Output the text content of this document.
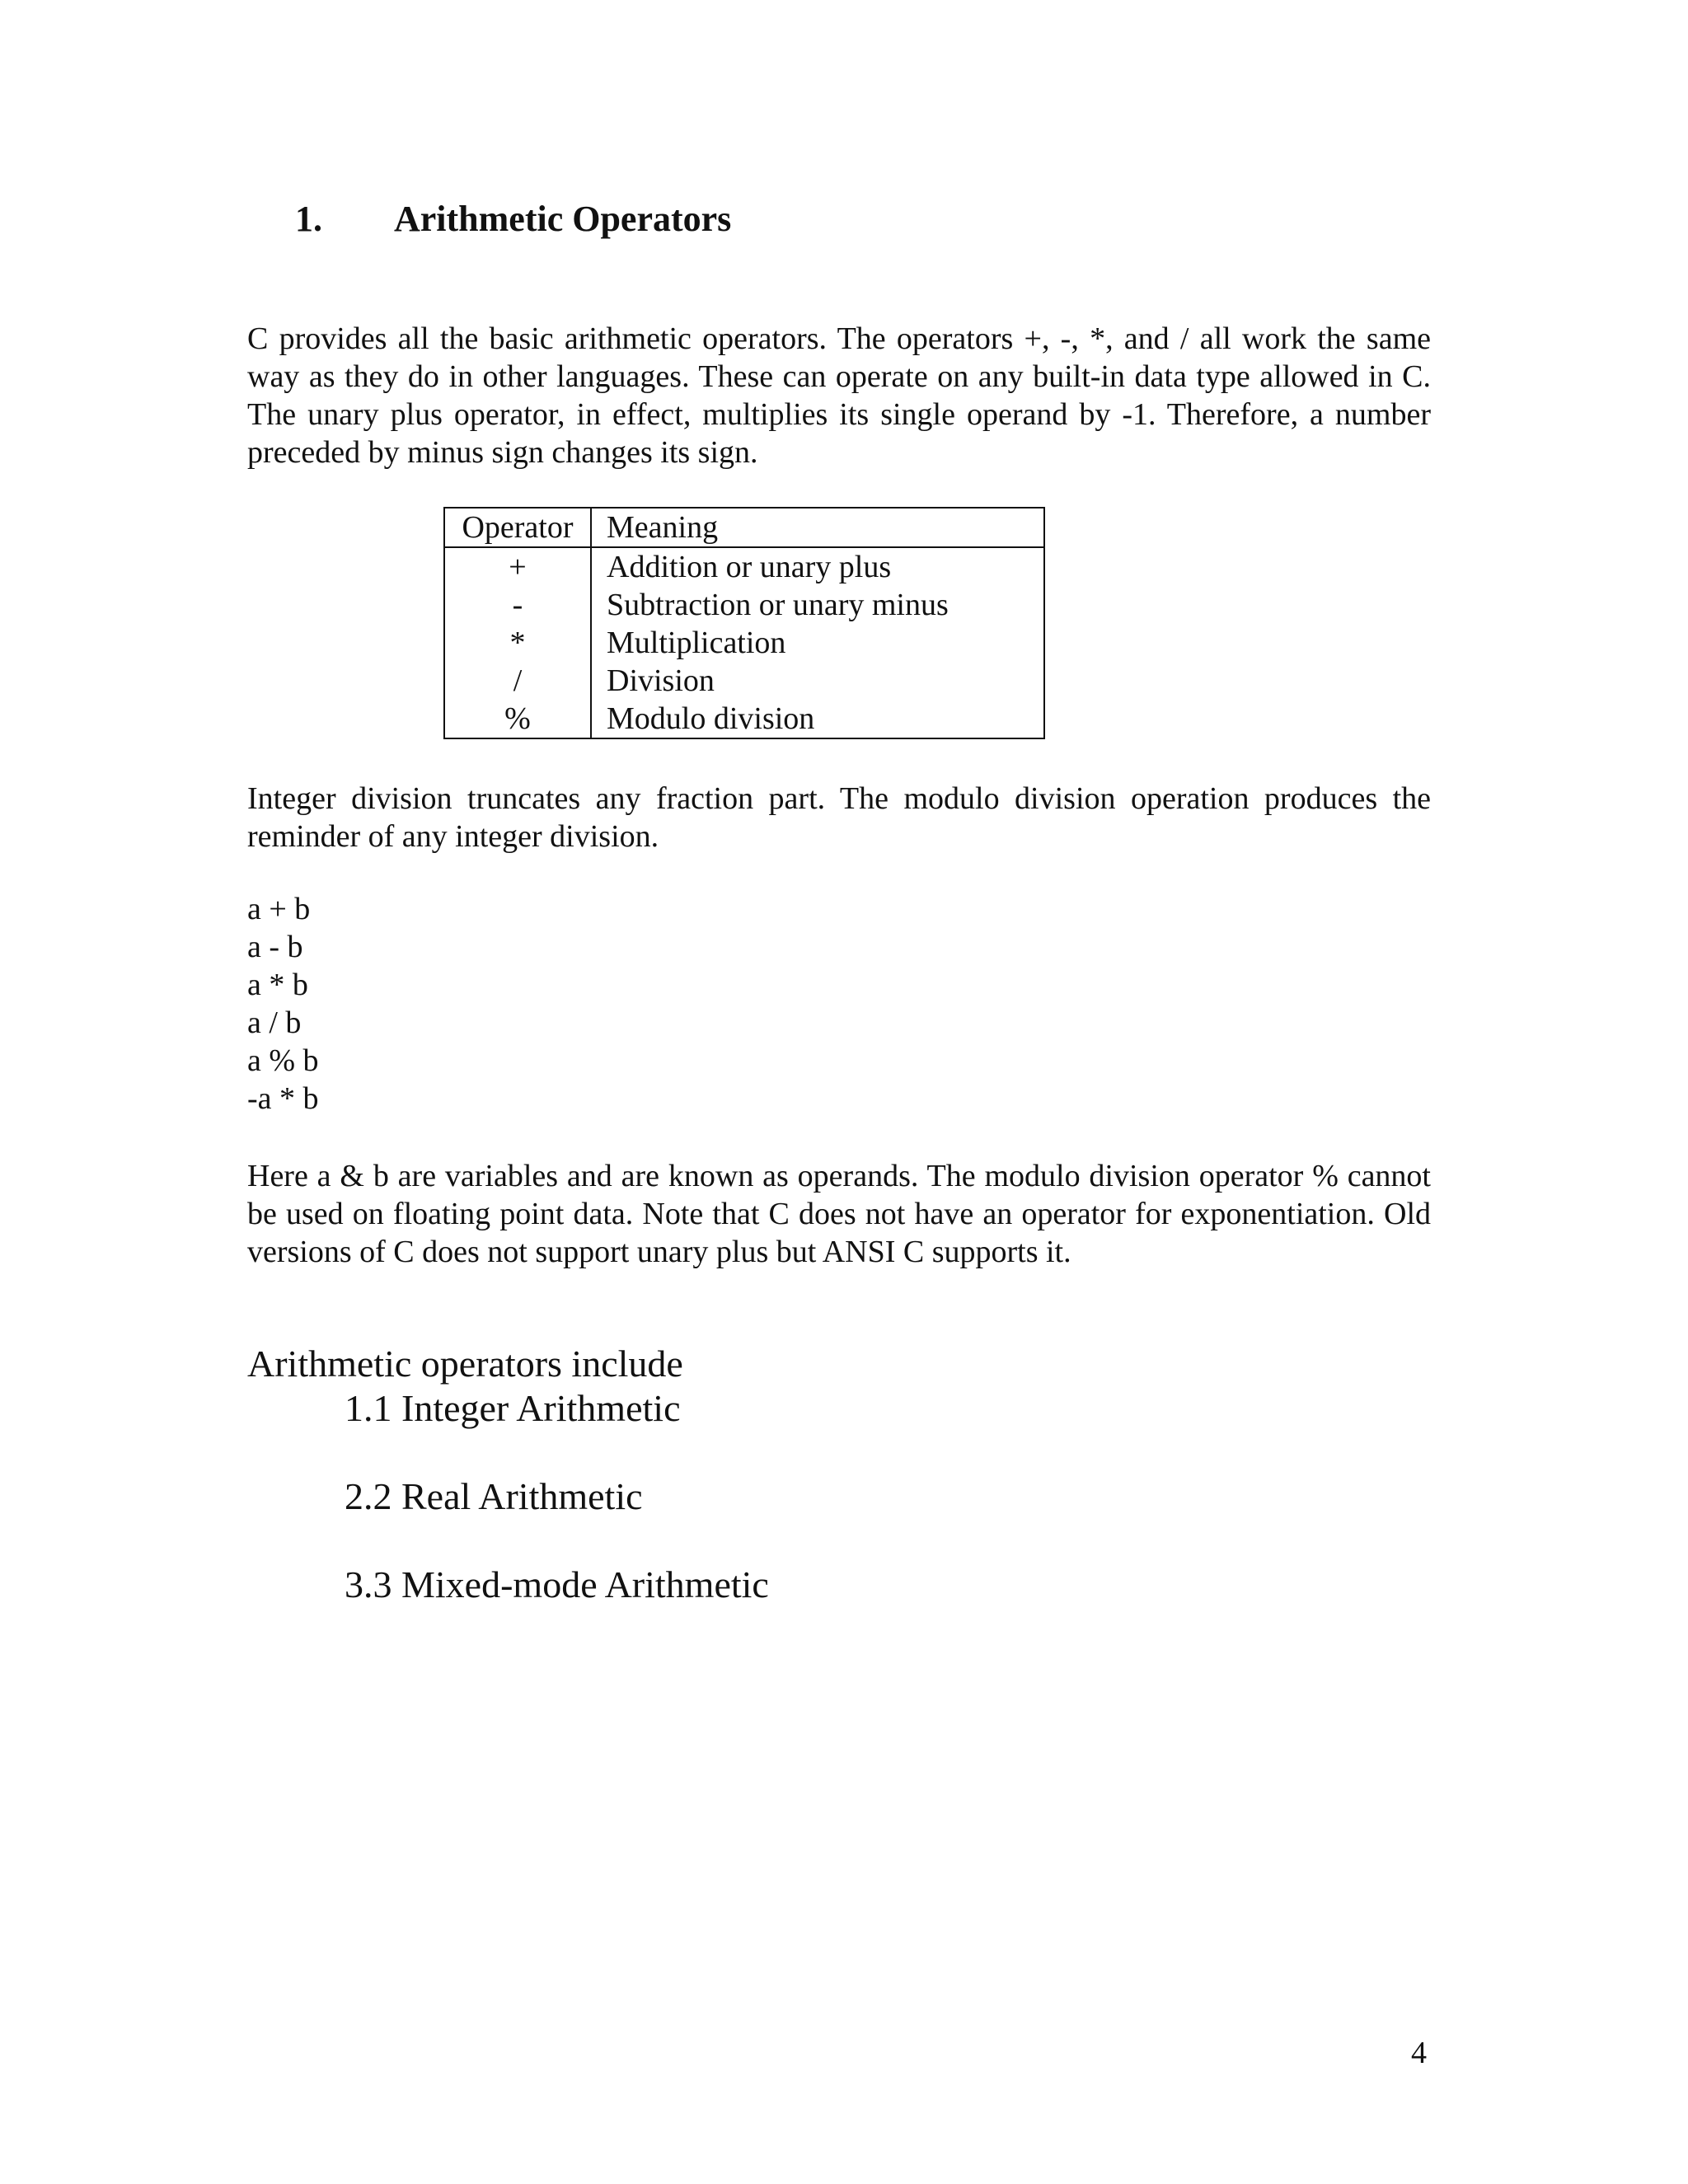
1. Arithmetic Operators

C provides all the basic arithmetic operators. The operators +, -, *, and / all work the same way as they do in other languages. These can operate on any built-in data type allowed in C. The unary plus operator, in effect, multiplies its single operand by -1. Therefore, a number preceded by minus sign changes its sign.

Operator	Meaning
+	Addition or unary plus
-	Subtraction or unary minus
*	Multiplication
/	Division
%	Modulo division

Integer division truncates any fraction part. The modulo division operation produces the reminder of any integer division.

a + b
a - b
a * b
a / b
a % b
-a * b

Here a & b are variables and are known as operands. The modulo division operator % cannot be used on floating point data. Note that C does not have an operator for exponentiation. Old versions of C does not support unary plus but ANSI C supports it.

Arithmetic operators include

1.1 Integer Arithmetic
2.2 Real Arithmetic
3.3 Mixed-mode Arithmetic
4
